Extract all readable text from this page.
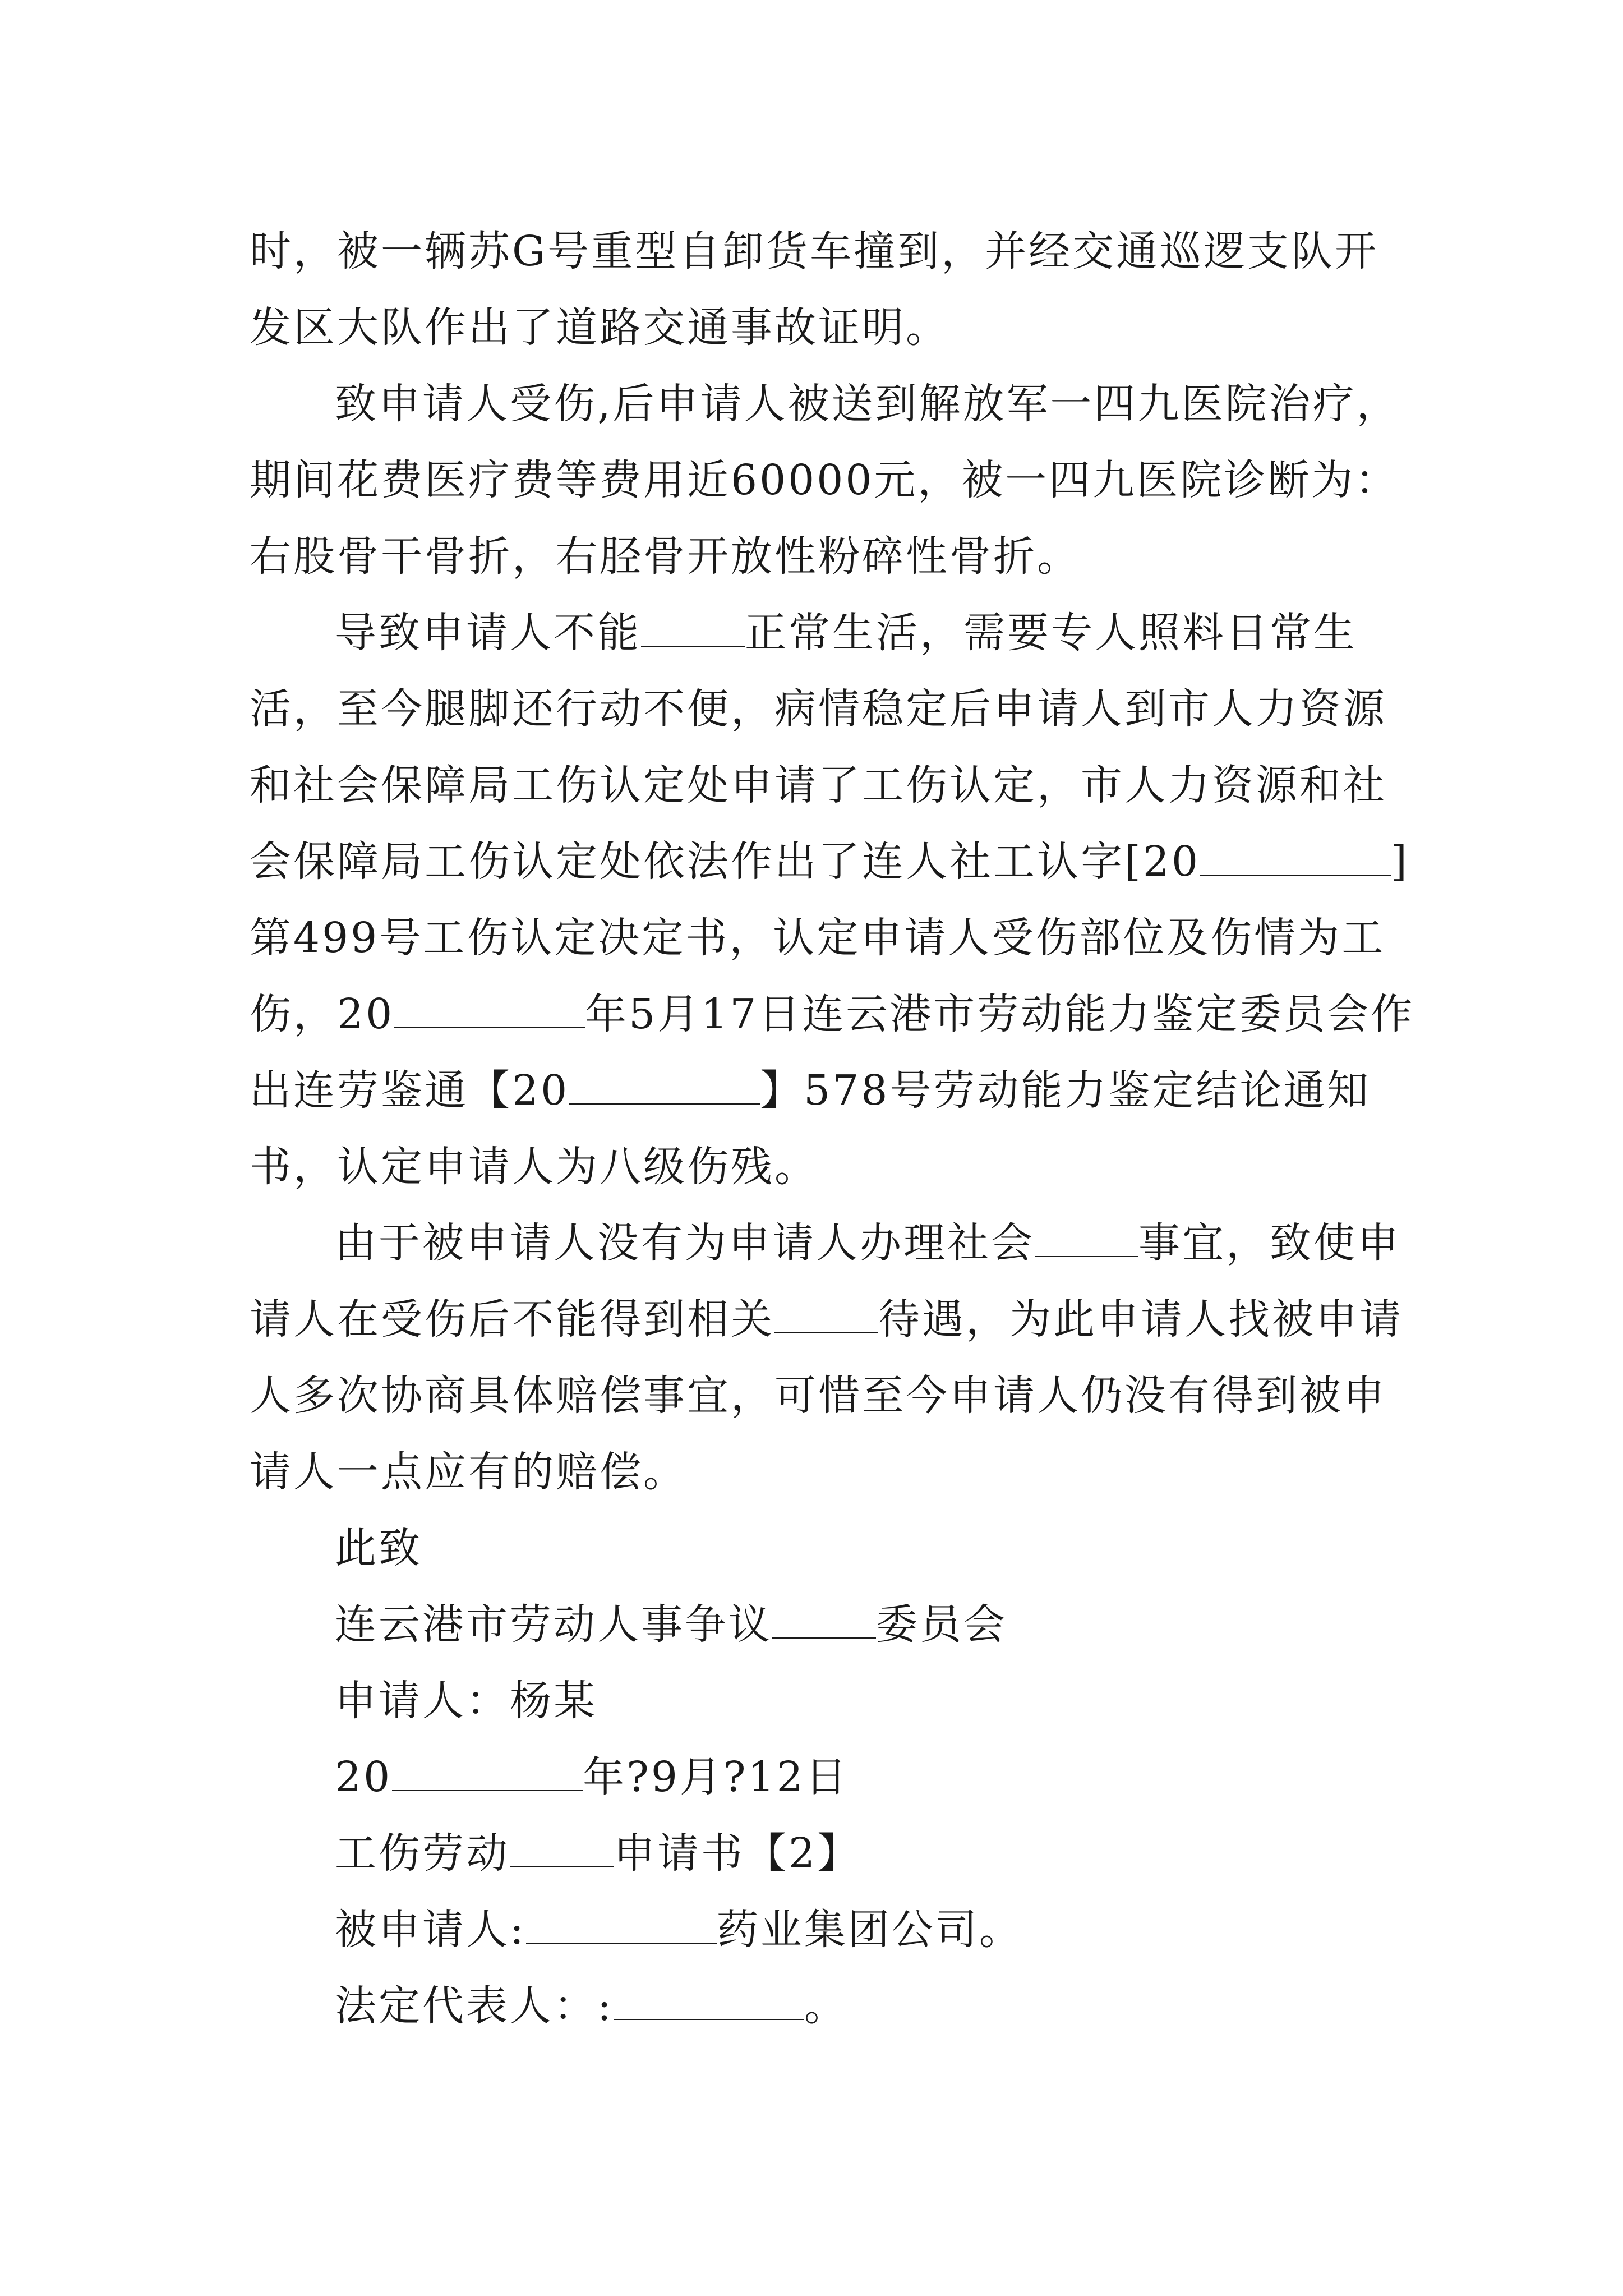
时，被一辆苏G号重型自卸货车撞到，并经交通巡逻支队开发区大队作出了道路交通事故证明。

致申请人受伤,后申请人被送到解放军一四九医院治疗，期间花费医疗费等费用近60000元，被一四九医院诊断为：右股骨干骨折，右胫骨开放性粉碎性骨折。

导致申请人不能	正常生活，需要专人照料日常生活，至今腿脚还行动不便，病情稳定后申请人到市人力资源和社会保障局工伤认定处申请了工伤认定，市人力资源和社会保障局工伤认定处依法作出了连人社工认字[20	]第499号工伤认定决定书，认定申请人受伤部位及伤情为工伤，20	年5月17日连云港市劳动能力鉴定委员会作出连劳鉴通【20	】578号劳动能力鉴定结论通知书，认定申请人为八级伤残。

由于被申请人没有为申请人办理社会	事宜，致使申请人在受伤后不能得到相关	待遇，为此申请人找被申请人多次协商具体赔偿事宜，可惜至今申请人仍没有得到被申请人一点应有的赔偿。

此致

连云港市劳动人事争议	委员会

申请人：杨某

20	年?9月?12日

工伤劳动	申请书【2】

被申请人:	药业集团公司。

法定代表人：:	。
